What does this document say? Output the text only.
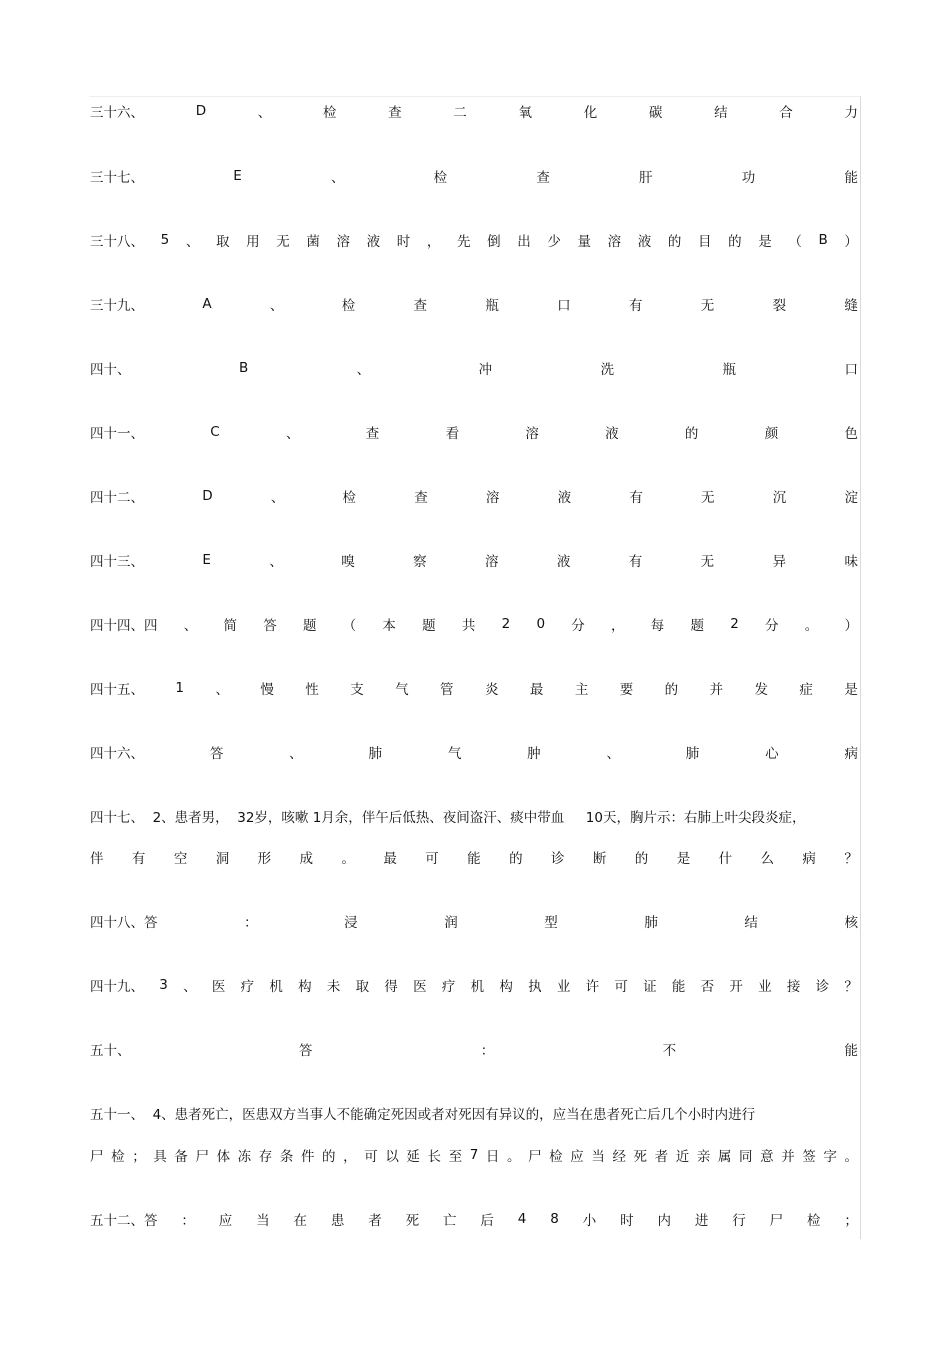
三十六、	D	、	检	查	二	氧	化	碳	结	合	力
三十七、	E	、	检	查	肝	功	能
三十八、 5 、 取 用 无 菌 溶 液 时 ， 先 倒 出 少 量 溶 液 的 目 的 是 （ B ）
三十九、	A	、	检	查	瓶	口	有	无	裂	缝
四十、	B	、	冲	洗	瓶	口
四十一、	C	、	查	看	溶	液	的	颜	色
四十二、	D	、	检	查	溶	液	有	无	沉	淀
四十三、	E	、	嗅	察	溶	液	有	无	异	味
四十四、四 、 简 答 题 （ 本 题 共 2 0 分 ， 每 题 2 分 。 ）
四十五、 1 、 慢 性 支 气 管 炎 最 主 要 的 并 发 症 是
四十六、	答	、	肺	气	肿	、	肺	心	病
四十七、  2、患者男，  32岁，咳嗽 1月余，伴午后低热、夜间盗汗、痰中带血     10天，胸片示：右肺上叶尖段炎症，
伴 有 空 洞 形 成 。 最 可 能 的 诊 断 的 是 什 么 病 ？
四十八、答	：	浸	润	型	肺	结	核
四十九、 3 、 医 疗 机 构 未 取 得 医 疗 机 构 执 业 许 可 证 能 否 开 业 接 诊 ？
五十、	答	：	不	能
五十一、  4、患者死亡，医患双方当事人不能确定死因或者对死因有异议的，应当在患者死亡后几个小时内进行
尸 检 ； 具 备 尸 体 冻 存 条 件 的 ， 可 以 延 长 至 7 日 。 尸 检 应 当 经 死 者 近 亲 属 同 意 并 签 字 。
五十二、答 ： 应 当 在 患 者 死 亡 后 4 8 小 时 内 进 行 尸 检 ；
